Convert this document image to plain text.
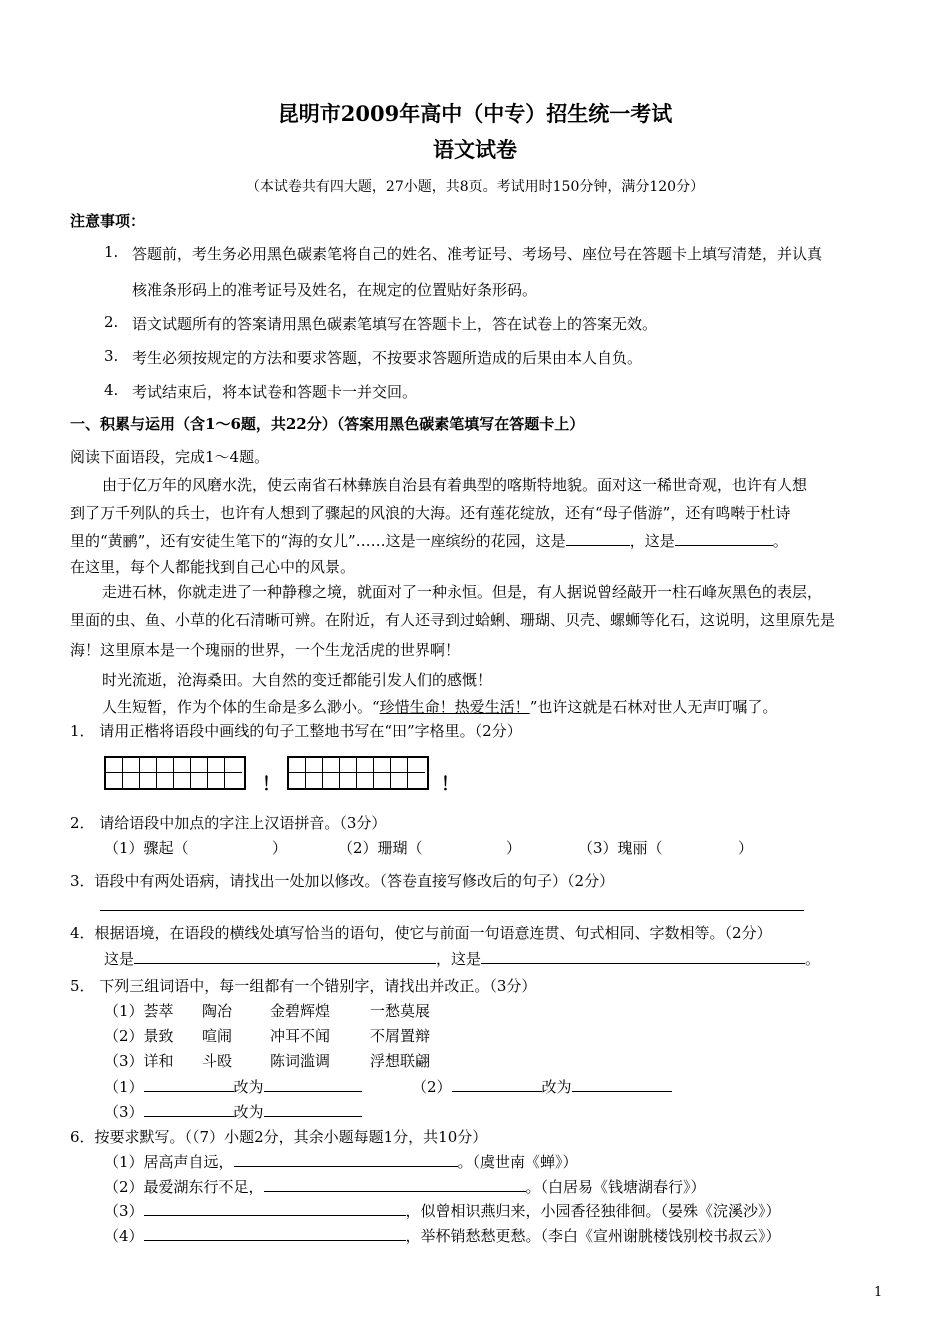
昆明市2009年高中（中专）招生统一考试
语文试卷
（本试卷共有四大题，27小题，共8页。考试用时150分钟，满分120分）
注意事项：
1. 答题前，考生务必用黑色碳素笔将自己的姓名、准考证号、考场号、座位号在答题卡上填写清楚，并认真
核准条形码上的准考证号及姓名，在规定的位置贴好条形码。
2. 语文试题所有的答案请用黑色碳素笔填写在答题卡上，答在试卷上的答案无效。
3. 考生必须按规定的方法和要求答题，不按要求答题所造成的后果由本人自负。
4. 考试结束后，将本试卷和答题卡一并交回。
一、积累与运用（含1～6题，共22分）（答案用黑色碳素笔填写在答题卡上）
阅读下面语段，完成1～4题。
由于亿万年的风磨水洗，使云南省石林彝族自治县有着典型的喀斯特地貌。面对这一稀世奇观，也许有人想
到了万千列队的兵士，也许有人想到了骤起的风浪的大海。还有莲花绽放，还有“母子偕游”，还有鸣啭于杜诗
里的“黄鹂”，还有安徒生笔下的“海的女儿”……这是一座缤纷的花园，这是	，这是	。
在这里，每个人都能找到自己心中的风景。
走进石林，你就走进了一种静穆之境，就面对了一种永恒。但是，有人据说曾经敲开一柱石峰灰黑色的表层，
里面的虫、鱼、小草的化石清晰可辨。在附近，有人还寻到过蛤蜊、珊瑚、贝壳、螺蛳等化石，这说明，这里原先是
海！这里原本是一个瑰丽的世界，一个生龙活虎的世界啊！
时光流逝，沧海桑田。大自然的变迁都能引发人们的感慨！
人生短暂，作为个体的生命是多么渺小。“珍惜生命！热爱生活！”也许这就是石林对世人无声叮嘱了。
1． 请用正楷将语段中画线的句子工整地书写在“田”字格里。（2分）
！	！
2． 请给语段中加点的字注上汉语拼音。（3分）
（1）骤起（	）	（2）珊瑚（	）	（3）瑰丽（	）
3．语段中有两处语病，请找出一处加以修改。（答卷直接写修改后的句子）（2分）
4．根据语境，在语段的横线处填写恰当的语句，使它与前面一句语意连贯、句式相同、字数相等。（2分）
这是	，这是	。
5． 下列三组词语中，每一组都有一个错别字，请找出并改正。（3分）
（1）荟萃 陶冶	金碧辉煌	一愁莫展
（2）景致 喧闹	冲耳不闻	不屑置辩
（3）详和 斗殴	陈词滥调	浮想联翩
（1）	改为	（2）	改为
（3）	改为
6．按要求默写。（（7）小题2分，其余小题每题1分，共10分）
（1）居高声自远，	。（虞世南《蝉》）
（2）最爱湖东行不足，	。（白居易《钱塘湖春行》）
（3）	，似曾相识燕归来，小园香径独徘徊。（晏殊《浣溪沙》）
（4）	，举杯销愁愁更愁。（李白《宣州谢朓楼饯别校书叔云》）
1
